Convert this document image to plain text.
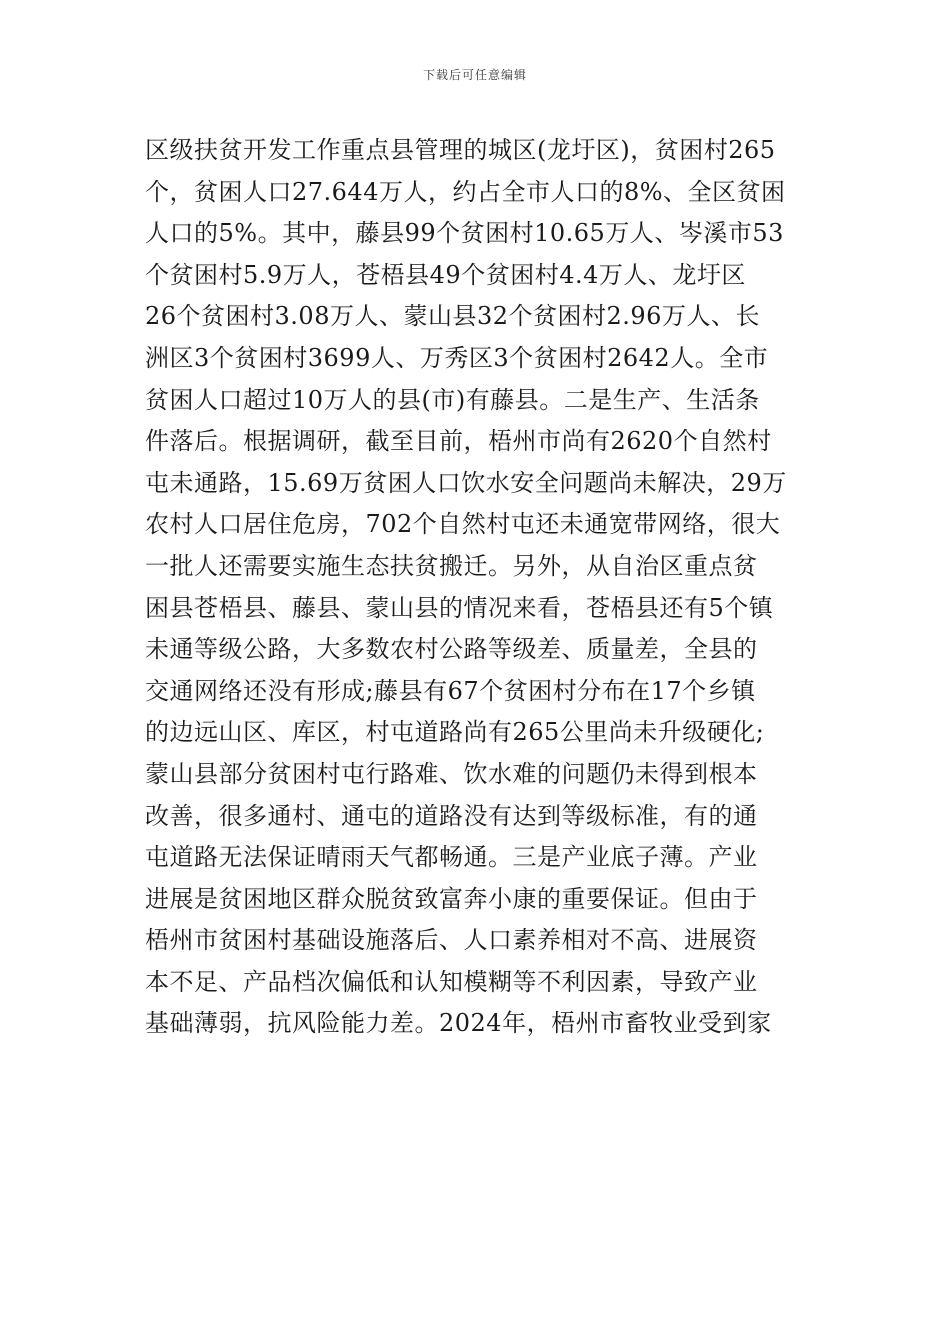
下载后可任意编辑
区级扶贫开发工作重点县管理的城区(龙圩区)，贫困村265
个，贫困人口27.644万人，约占全市人口的8%、全区贫困
人口的5%。其中，藤县99个贫困村10.65万人、岑溪市53
个贫困村5.9万人，苍梧县49个贫困村4.4万人、龙圩区
26个贫困村3.08万人、蒙山县32个贫困村2.96万人、长
洲区3个贫困村3699人、万秀区3个贫困村2642人。全市
贫困人口超过10万人的县(市)有藤县。二是生产、生活条
件落后。根据调研，截至目前，梧州市尚有2620个自然村
屯未通路，15.69万贫困人口饮水安全问题尚未解决，29万
农村人口居住危房，702个自然村屯还未通宽带网络，很大
一批人还需要实施生态扶贫搬迁。另外，从自治区重点贫
困县苍梧县、藤县、蒙山县的情况来看，苍梧县还有5个镇
未通等级公路，大多数农村公路等级差、质量差，全县的
交通网络还没有形成;藤县有67个贫困村分布在17个乡镇
的边远山区、库区，村屯道路尚有265公里尚未升级硬化;
蒙山县部分贫困村屯行路难、饮水难的问题仍未得到根本
改善，很多通村、通屯的道路没有达到等级标准，有的通
屯道路无法保证晴雨天气都畅通。三是产业底子薄。产业
进展是贫困地区群众脱贫致富奔小康的重要保证。但由于
梧州市贫困村基础设施落后、人口素养相对不高、进展资
本不足、产品档次偏低和认知模糊等不利因素，导致产业
基础薄弱，抗风险能力差。2024年，梧州市畜牧业受到家
